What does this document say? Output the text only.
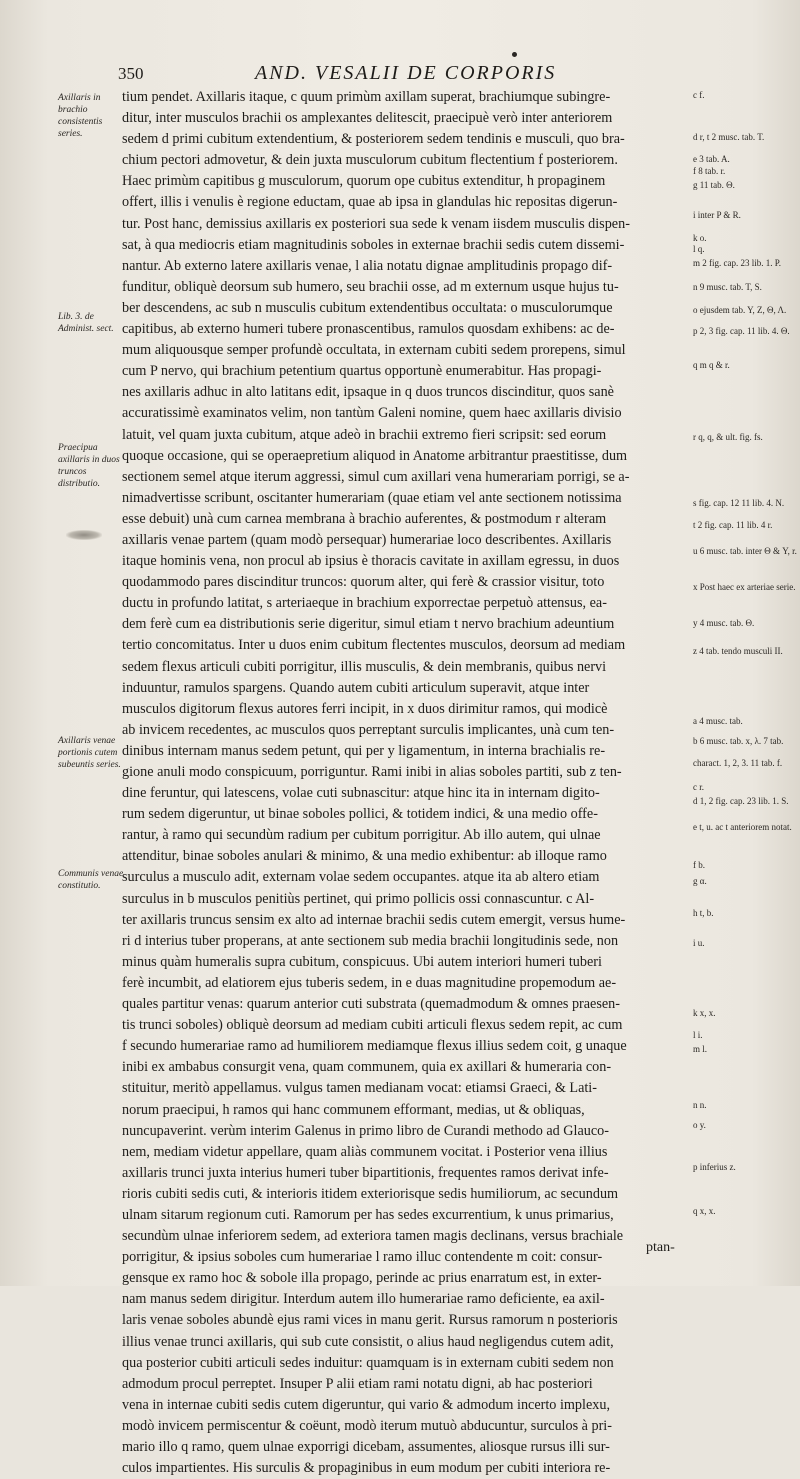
350	AND. VESALII DE CORPORIS
Axillaris in brachio consistentis series.
Lib. 3. de Administ. sect.
Praecipua axillaris in duos truncos distributio.
Axillaris venae portionis cutem subeuntis series.
Communis venae constitutio.
c f.
d r, t 2 musc. tab. T.
e 3 tab. A.
f 8 tab. r.
g 11 tab. Θ.
i inter P & R.
k o.
l q.
m 2 fig. cap. 23 lib. 1. P.
n 9 musc. tab. T, S.
o ejusdem tab. Y, Z, Θ, Λ.
p 2, 3 fig. cap. 11 lib. 4. Θ.
q m q & r.
r q, q, & ult. fig. fs.
s fig. cap. 12 11 lib. 4. N.
t 2 fig. cap. 11 lib. 4 r.
u 6 musc. tab. inter Θ & Y, r.
x Post haec ex arteriae serie.
y 4 musc. tab. Θ.
z 4 tab. tendo musculi II.
a 4 musc. tab.
b 6 musc. tab. x, λ. 7 tab.
charact. 1, 2, 3. 11 tab. f.
c r.
d 1, 2 fig. cap. 23 lib. 1. S.
e t, u. ac t anteriorem notat.
f b.
g α.
h t, b.
i u.
k x, x.
l i.
m l.
n n.
o y.
p inferius z.
q x, x.
tium pendet. Axillaris itaque, c quum primùm axillam superat, brachiumque subingre-
ditur, inter musculos brachii os amplexantes delitescit, praecipuè verò inter anteriorem
sedem d primi cubitum extendentium, & posteriorem sedem tendinis e musculi, quo bra-
chium pectori admovetur, & dein juxta musculorum cubitum flectentium f posteriorem.
Haec primùm capitibus g musculorum, quorum ope cubitus extenditur, h propaginem
offert, illis i venulis è regione eductam, quae ab ipsa in glandulas hic repositas digerun-
tur. Post hanc, demissius axillaris ex posteriori sua sede k venam iisdem musculis dispen-
sat, à qua mediocris etiam magnitudinis soboles in externae brachii sedis cutem dissemi-
nantur. Ab externo latere axillaris venae, l alia notatu dignae amplitudinis propago dif-
funditur, obliquè deorsum sub humero, seu brachii osse, ad m externum usque hujus tu-
ber descendens, ac sub n musculis cubitum extendentibus occultata: o musculorumque
capitibus, ab externo humeri tubere pronascentibus, ramulos quosdam exhibens: ac de-
mum aliquousque semper profundè occultata, in externam cubiti sedem prorepens, simul
cum P nervo, qui brachium petentium quartus opportunè enumerabitur. Has propagi-
nes axillaris adhuc in alto latitans edit, ipsaque in q duos truncos discinditur, quos sanè
accuratissimè examinatos velim, non tantùm Galeni nomine, quem haec axillaris divisio
latuit, vel quam juxta cubitum, atque adeò in brachii extremo fieri scripsit: sed eorum
quoque occasione, qui se operaepretium aliquod in Anatome arbitrantur praestitisse, dum
sectionem semel atque iterum aggressi, simul cum axillari vena humerariam porrigi, se a-
nimadvertisse scribunt, oscitanter humerariam (quae etiam vel ante sectionem notissima
esse debuit) unà cum carnea membrana à brachio auferentes, & postmodum r alteram
axillaris venae partem (quam modò persequar) humerariae loco describentes. Axillaris
itaque hominis vena, non procul ab ipsius è thoracis cavitate in axillam egressu, in duos
quodammodo pares discinditur truncos: quorum alter, qui ferè & crassior visitur, toto
ductu in profundo latitat, s arteriaeque in brachium exporrectae perpetuò attensus, ea-
dem ferè cum ea distributionis serie digeritur, simul etiam t nervo brachium adeuntium
tertio concomitatus. Inter u duos enim cubitum flectentes musculos, deorsum ad mediam
sedem flexus articuli cubiti porrigitur, illis musculis, & dein membranis, quibus nervi
induuntur, ramulos spargens. Quando autem cubiti articulum superavit, atque inter
musculos digitorum flexus autores ferri incipit, in x duos dirimitur ramos, qui modicè
ab invicem recedentes, ac musculos quos perreptant surculis implicantes, unà cum ten-
dinibus internam manus sedem petunt, qui per y ligamentum, in interna brachialis re-
gione anuli modo conspicuum, porriguntur. Rami inibi in alias soboles partiti, sub z ten-
dine feruntur, qui latescens, volae cuti subnascitur: atque hinc ita in internam digito-
rum sedem digeruntur, ut binae soboles pollici, & totidem indici, & una medio offe-
rantur, à ramo qui secundùm radium per cubitum porrigitur. Ab illo autem, qui ulnae
attenditur, binae soboles anulari & minimo, & una medio exhibentur: ab illoque ramo
surculus a musculo adit, externam volae sedem occupantes. atque ita ab altero etiam
surculus in b musculos penitiùs pertinet, qui primo pollicis ossi connascuntur. c Al-
ter axillaris truncus sensim ex alto ad internae brachii sedis cutem emergit, versus hume-
ri d interius tuber properans, at ante sectionem sub media brachii longitudinis sede, non
minus quàm humeralis supra cubitum, conspicuus. Ubi autem interiori humeri tuberi
ferè incumbit, ad elatiorem ejus tuberis sedem, in e duas magnitudine propemodum ae-
quales partitur venas: quarum anterior cuti substrata (quemadmodum & omnes praesen-
tis trunci soboles) obliquè deorsum ad mediam cubiti articuli flexus sedem repit, ac cum
f secundo humerariae ramo ad humiliorem mediamque flexus illius sedem coit, g unaque
inibi ex ambabus consurgit vena, quam communem, quia ex axillari & humeraria con-
stituitur, meritò appellamus. vulgus tamen medianam vocat: etiamsi Graeci, & Lati-
norum praecipui, h ramos qui hanc communem efformant, medias, ut & obliquas,
nuncupaverint. verùm interim Galenus in primo libro de Curandi methodo ad Glauco-
nem, mediam videtur appellare, quam aliàs communem vocitat. i Posterior vena illius
axillaris trunci juxta interius humeri tuber bipartitionis, frequentes ramos derivat infe-
rioris cubiti sedis cuti, & interioris itidem exteriorisque sedis humiliorum, ac secundum
ulnam sitarum regionum cuti. Ramorum per has sedes excurrentium, k unus primarius,
secundùm ulnae inferiorem sedem, ad exteriora tamen magis declinans, versus brachiale
porrigitur, & ipsius soboles cum humerariae l ramo illuc contendente m coit: consur-
gensque ex ramo hoc & sobole illa propago, perinde ac prius enarratum est, in exter-
nam manus sedem dirigitur. Interdum autem illo humerariae ramo deficiente, ea axil-
laris venae soboles abundè ejus rami vices in manu gerit. Rursus ramorum n posterioris
illius venae trunci axillaris, qui sub cute consistit, o alius haud negligendus cutem adit,
qua posterior cubiti articuli sedes induitur: quamquam is in externam cubiti sedem non
admodum procul perreptet. Insuper P alii etiam rami notatu digni, ab hac posteriori
vena in internae cubiti sedis cutem digeruntur, qui vario & admodum incerto implexu,
modò invicem permiscentur & coëunt, modò iterum mutuò abducuntur, surculos à pri-
mario illo q ramo, quem ulnae exporrigi dicebam, assumentes, aliosque rursus illi sur-
culos impartientes. His surculis & propaginibus in eum modum per cubiti interiora re-
ptan-
